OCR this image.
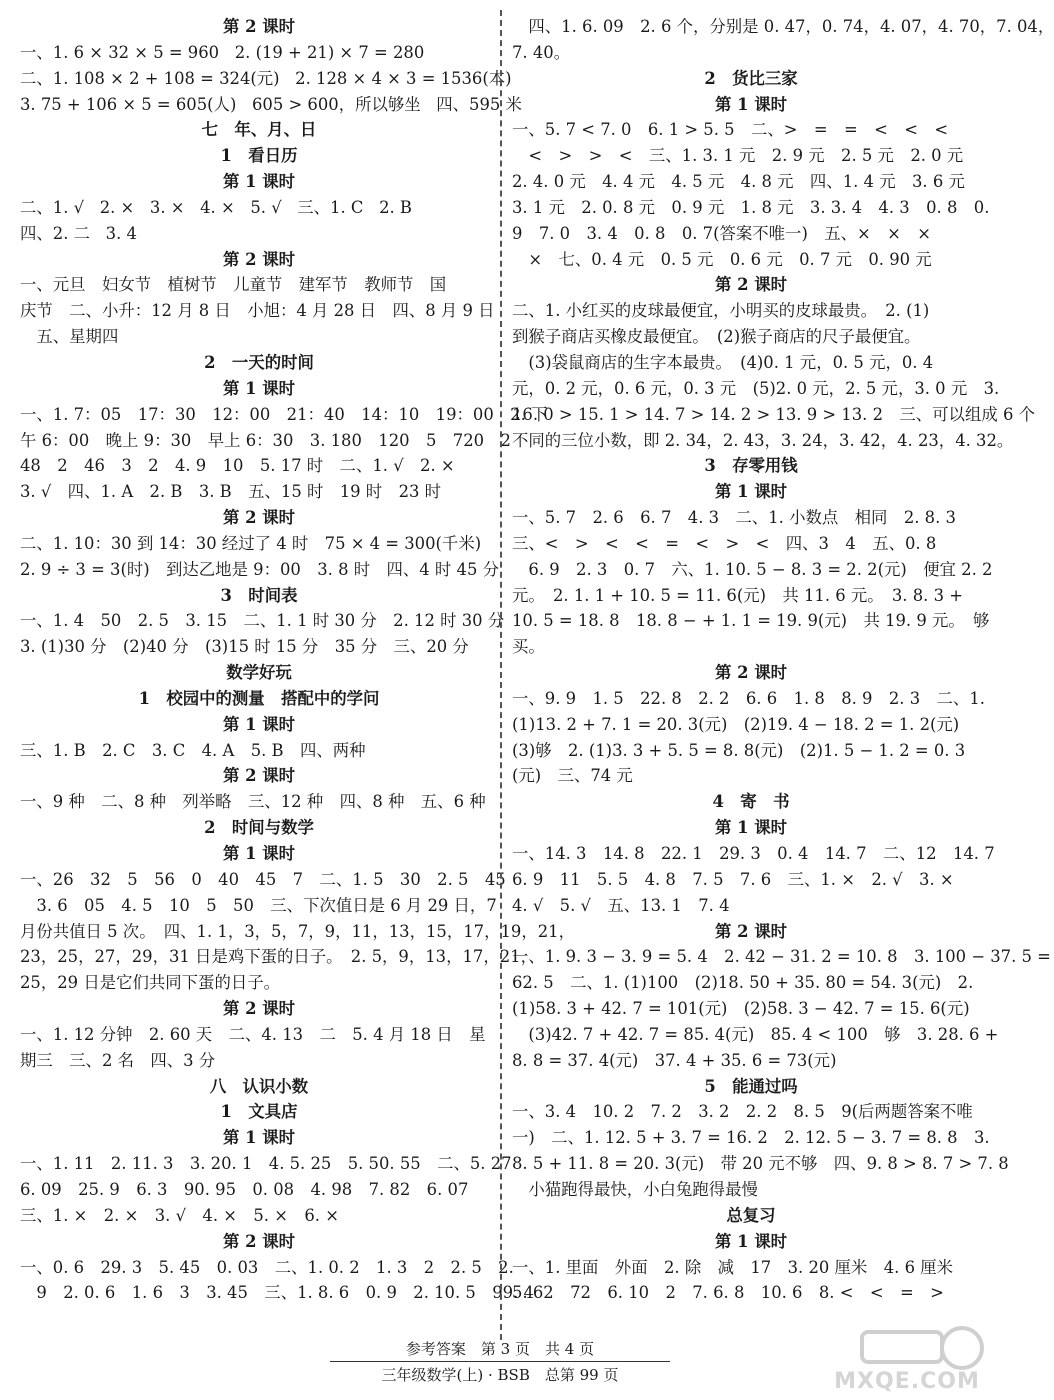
第 2 课时
一、1. 6 × 32 × 5 = 960   2. (19 + 21) × 7 = 280
二、1. 108 × 2 + 108 = 324(元)   2. 128 × 4 × 3 = 1536(本)
3. 75 + 106 × 5 = 605(人)   605 > 600，所以够坐   四、595 米
七　年、月、日
1　看日历
第 1 课时
二、1. √   2. ×   3. ×   4. ×   5. √   三、1. C   2. B
四、2. 二   3. 4
第 2 课时
一、元旦　妇女节　植树节　儿童节　建军节　教师节　国
庆节　二、小升：12 月 8 日　小旭：4 月 28 日　四、8 月 9 日
　五、星期四
2　一天的时间
第 1 课时
一、1. 7：05　17：30　12：00　21：40　14：10　19：00　2. 下
午 6：00　晚上 9：30　早上 6：30　3. 180　120　5　720　2
48　2　46　3　2　4. 9　10　5. 17 时　二、1. √　2. ×
3. √　四、1. A　2. B　3. B　五、15 时　19 时　23 时
第 2 课时
二、1. 10：30 到 14：30 经过了 4 时　75 × 4 = 300(千米)
2. 9 ÷ 3 = 3(时)　到达乙地是 9：00　3. 8 时　四、4 时 45 分
3　时间表
一、1. 4　50　2. 5　3. 15　二、1. 1 时 30 分　2. 12 时 30 分
3. (1)30 分　(2)40 分　(3)15 时 15 分　35 分　三、20 分
数学好玩
1　校园中的测量　搭配中的学问
第 1 课时
三、1. B　2. C　3. C　4. A　5. B　四、两种
第 2 课时
一、9 种　二、8 种　列举略　三、12 种　四、8 种　五、6 种
2　时间与数学
第 1 课时
一、26　32　5　56　0　40　45　7　二、1. 5　30　2. 5　45
　3. 6　05　4. 5　10　5　50　三、下次值日是 6 月 29 日，7
月份共值日 5 次。　四、1. 1，3，5，7，9，11，13，15，17，19，21，
23，25，27，29，31 日是鸡下蛋的日子。　2. 5，9，13，17，21，
25，29 日是它们共同下蛋的日子。
第 2 课时
一、1. 12 分钟　2. 60 天　二、4. 13　二　5. 4 月 18 日　星
期三　三、2 名　四、3 分
八　认识小数
1　文具店
第 1 课时
一、1. 11　2. 11. 3　3. 20. 1　4. 5. 25　5. 50. 55　二、5. 27
6. 09　25. 9　6. 3　90. 95　0. 08　4. 98　7. 82　6. 07
三、1. ×　2. ×　3. √　4. ×　5. ×　6. ×
第 2 课时
一、0. 6　29. 3　5. 45　0. 03　二、1. 0. 2　1. 3　2　2. 5　2.
　9　2. 0. 6　1. 6　3　3. 45　三、1. 8. 6　0. 9　2. 10. 5　99. 4
　四、1. 6. 09　2. 6 个，分别是 0. 47，0. 74，4. 07，4. 70，7. 04，
7. 40。
2　货比三家
第 1 课时
一、5. 7 < 7. 0　6. 1 > 5. 5　二、>　=　=　<　<　<
　<　>　>　<　三、1. 3. 1 元　2. 9 元　2. 5 元　2. 0 元
2. 4. 0 元　4. 4 元　4. 5 元　4. 8 元　四、1. 4 元　3. 6 元
3. 1 元　2. 0. 8 元　0. 9 元　1. 8 元　3. 3. 4　4. 3　0. 8　0.
9　7. 0　3. 4　0. 8　0. 7(答案不唯一)　五、×　×　×
　×　七、0. 4 元　0. 5 元　0. 6 元　0. 7 元　0. 90 元
第 2 课时
二、1. 小红买的皮球最便宜，小明买的皮球最贵。　2. (1)
到猴子商店买橡皮最便宜。　(2)猴子商店的尺子最便宜。
　(3)袋鼠商店的生字本最贵。　(4)0. 1 元，0. 5 元，0. 4
元，0. 2 元，0. 6 元，0. 3 元　(5)2. 0 元，2. 5 元，3. 0 元　3.
16. 0 > 15. 1 > 14. 7 > 14. 2 > 13. 9 > 13. 2　三、可以组成 6 个
不同的三位小数，即 2. 34，2. 43，3. 24，3. 42，4. 23，4. 32。
3　存零用钱
第 1 课时
一、5. 7　2. 6　6. 7　4. 3　二、1. 小数点　相同　2. 8. 3
三、<　>　<　<　=　<　>　<　四、3　4　五、0. 8
　6. 9　2. 3　0. 7　六、1. 10. 5 − 8. 3 = 2. 2(元)　便宜 2. 2
元。　2. 1. 1 + 10. 5 = 11. 6(元)　共 11. 6 元。　3. 8. 3 +
10. 5 = 18. 8　18. 8 − + 1. 1 = 19. 9(元)　共 19. 9 元。　够
买。
第 2 课时
一、9. 9　1. 5　22. 8　2. 2　6. 6　1. 8　8. 9　2. 3　二、1.
(1)13. 2 + 7. 1 = 20. 3(元)　(2)19. 4 − 18. 2 = 1. 2(元)
(3)够　2. (1)3. 3 + 5. 5 = 8. 8(元)　(2)1. 5 − 1. 2 = 0. 3
(元)　三、74 元
4　寄　书
第 1 课时
一、14. 3　14. 8　22. 1　29. 3　0. 4　14. 7　二、12　14. 7
6. 9　11　5. 5　4. 8　7. 5　7. 6　三、1. ×　2. √　3. ×
4. √　5. √　五、13. 1　7. 4
第 2 课时
一、1. 9. 3 − 3. 9 = 5. 4　2. 42 − 31. 2 = 10. 8　3. 100 − 37. 5 =
62. 5　二、1. (1)100　(2)18. 50 + 35. 80 = 54. 3(元)　2.
(1)58. 3 + 42. 7 = 101(元)　(2)58. 3 − 42. 7 = 15. 6(元)
　(3)42. 7 + 42. 7 = 85. 4(元)　85. 4 < 100　够　3. 28. 6 +
8. 8 = 37. 4(元)　37. 4 + 35. 6 = 73(元)
5　能通过吗
一、3. 4　10. 2　7. 2　3. 2　2. 2　8. 5　9(后两题答案不唯
一)　二、1. 12. 5 + 3. 7 = 16. 2　2. 12. 5 − 3. 7 = 8. 8　3.
8. 5 + 11. 8 = 20. 3(元)　带 20 元不够　四、9. 8 > 8. 7 > 7. 8
　小猫跑得最快，小白兔跑得最慢
总复习
第 1 课时
一、1. 里面　外面　2. 除　减　17　3. 20 厘米　4. 6 厘米
5. 62　72　6. 10　2　7. 6. 8　10. 6　8. <　<　=　>
参考答案　第 3 页　共 4 页
三年级数学(上) · BSB　总第 99 页	MXQE.COM
